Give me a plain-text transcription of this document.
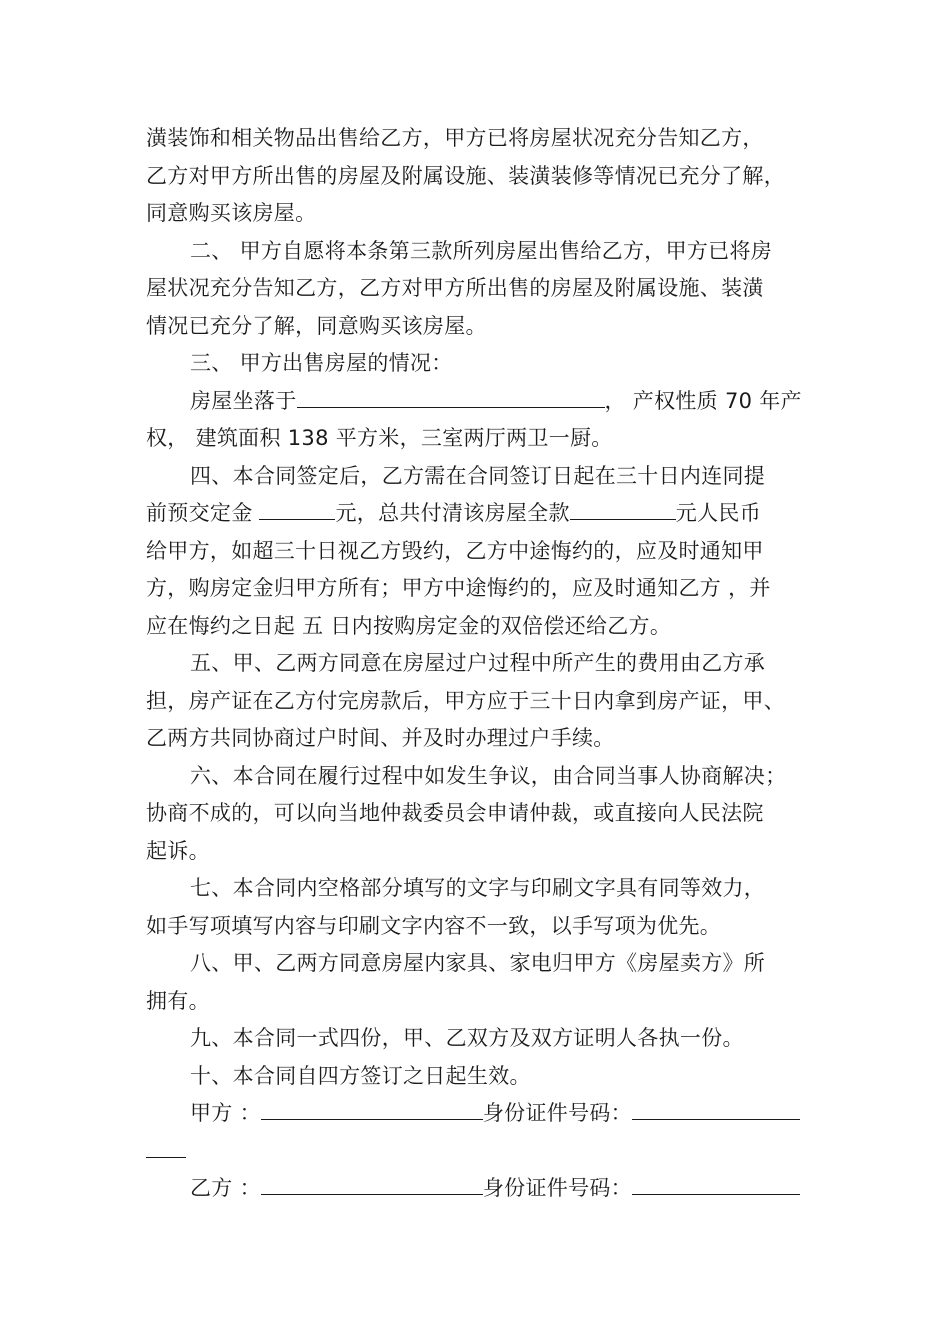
潢装饰和相关物品出售给乙方，甲方已将房屋状况充分告知乙方，
乙方对甲方所出售的房屋及附属设施、装潢装修等情况已充分了解，
同意购买该房屋。
二、 甲方自愿将本条第三款所列房屋出售给乙方，甲方已将房
屋状况充分告知乙方，乙方对甲方所出售的房屋及附属设施、装潢
情况已充分了解，同意购买该房屋。
三、 甲方出售房屋的情况：
房屋坐落于	， 产权性质 70 年产
权， 建筑面积 138 平方米，三室两厅两卫一厨。
四、本合同签定后，乙方需在合同签订日起在三十日内连同提
前预交定金	元，总共付清该房屋全款	元人民币
给甲方，如超三十日视乙方毁约，乙方中途悔约的，应及时通知甲
方，购房定金归甲方所有；甲方中途悔约的，应及时通知乙方 ，并
应在悔约之日起 五 日内按购房定金的双倍偿还给乙方。
五、甲、乙两方同意在房屋过户过程中所产生的费用由乙方承
担，房产证在乙方付完房款后，甲方应于三十日内拿到房产证，甲、
乙两方共同协商过户时间、并及时办理过户手续。
六、本合同在履行过程中如发生争议，由合同当事人协商解决；
协商不成的，可以向当地仲裁委员会申请仲裁，或直接向人民法院
起诉。
七、本合同内空格部分填写的文字与印刷文字具有同等效力，
如手写项填写内容与印刷文字内容不一致，以手写项为优先。
八、甲、乙两方同意房屋内家具、家电归甲方《房屋卖方》所
拥有。
九、本合同一式四份，甲、乙双方及双方证明人各执一份。
十、本合同自四方签订之日起生效。
甲方 ：	身份证件号码：
乙方 ：	身份证件号码：
